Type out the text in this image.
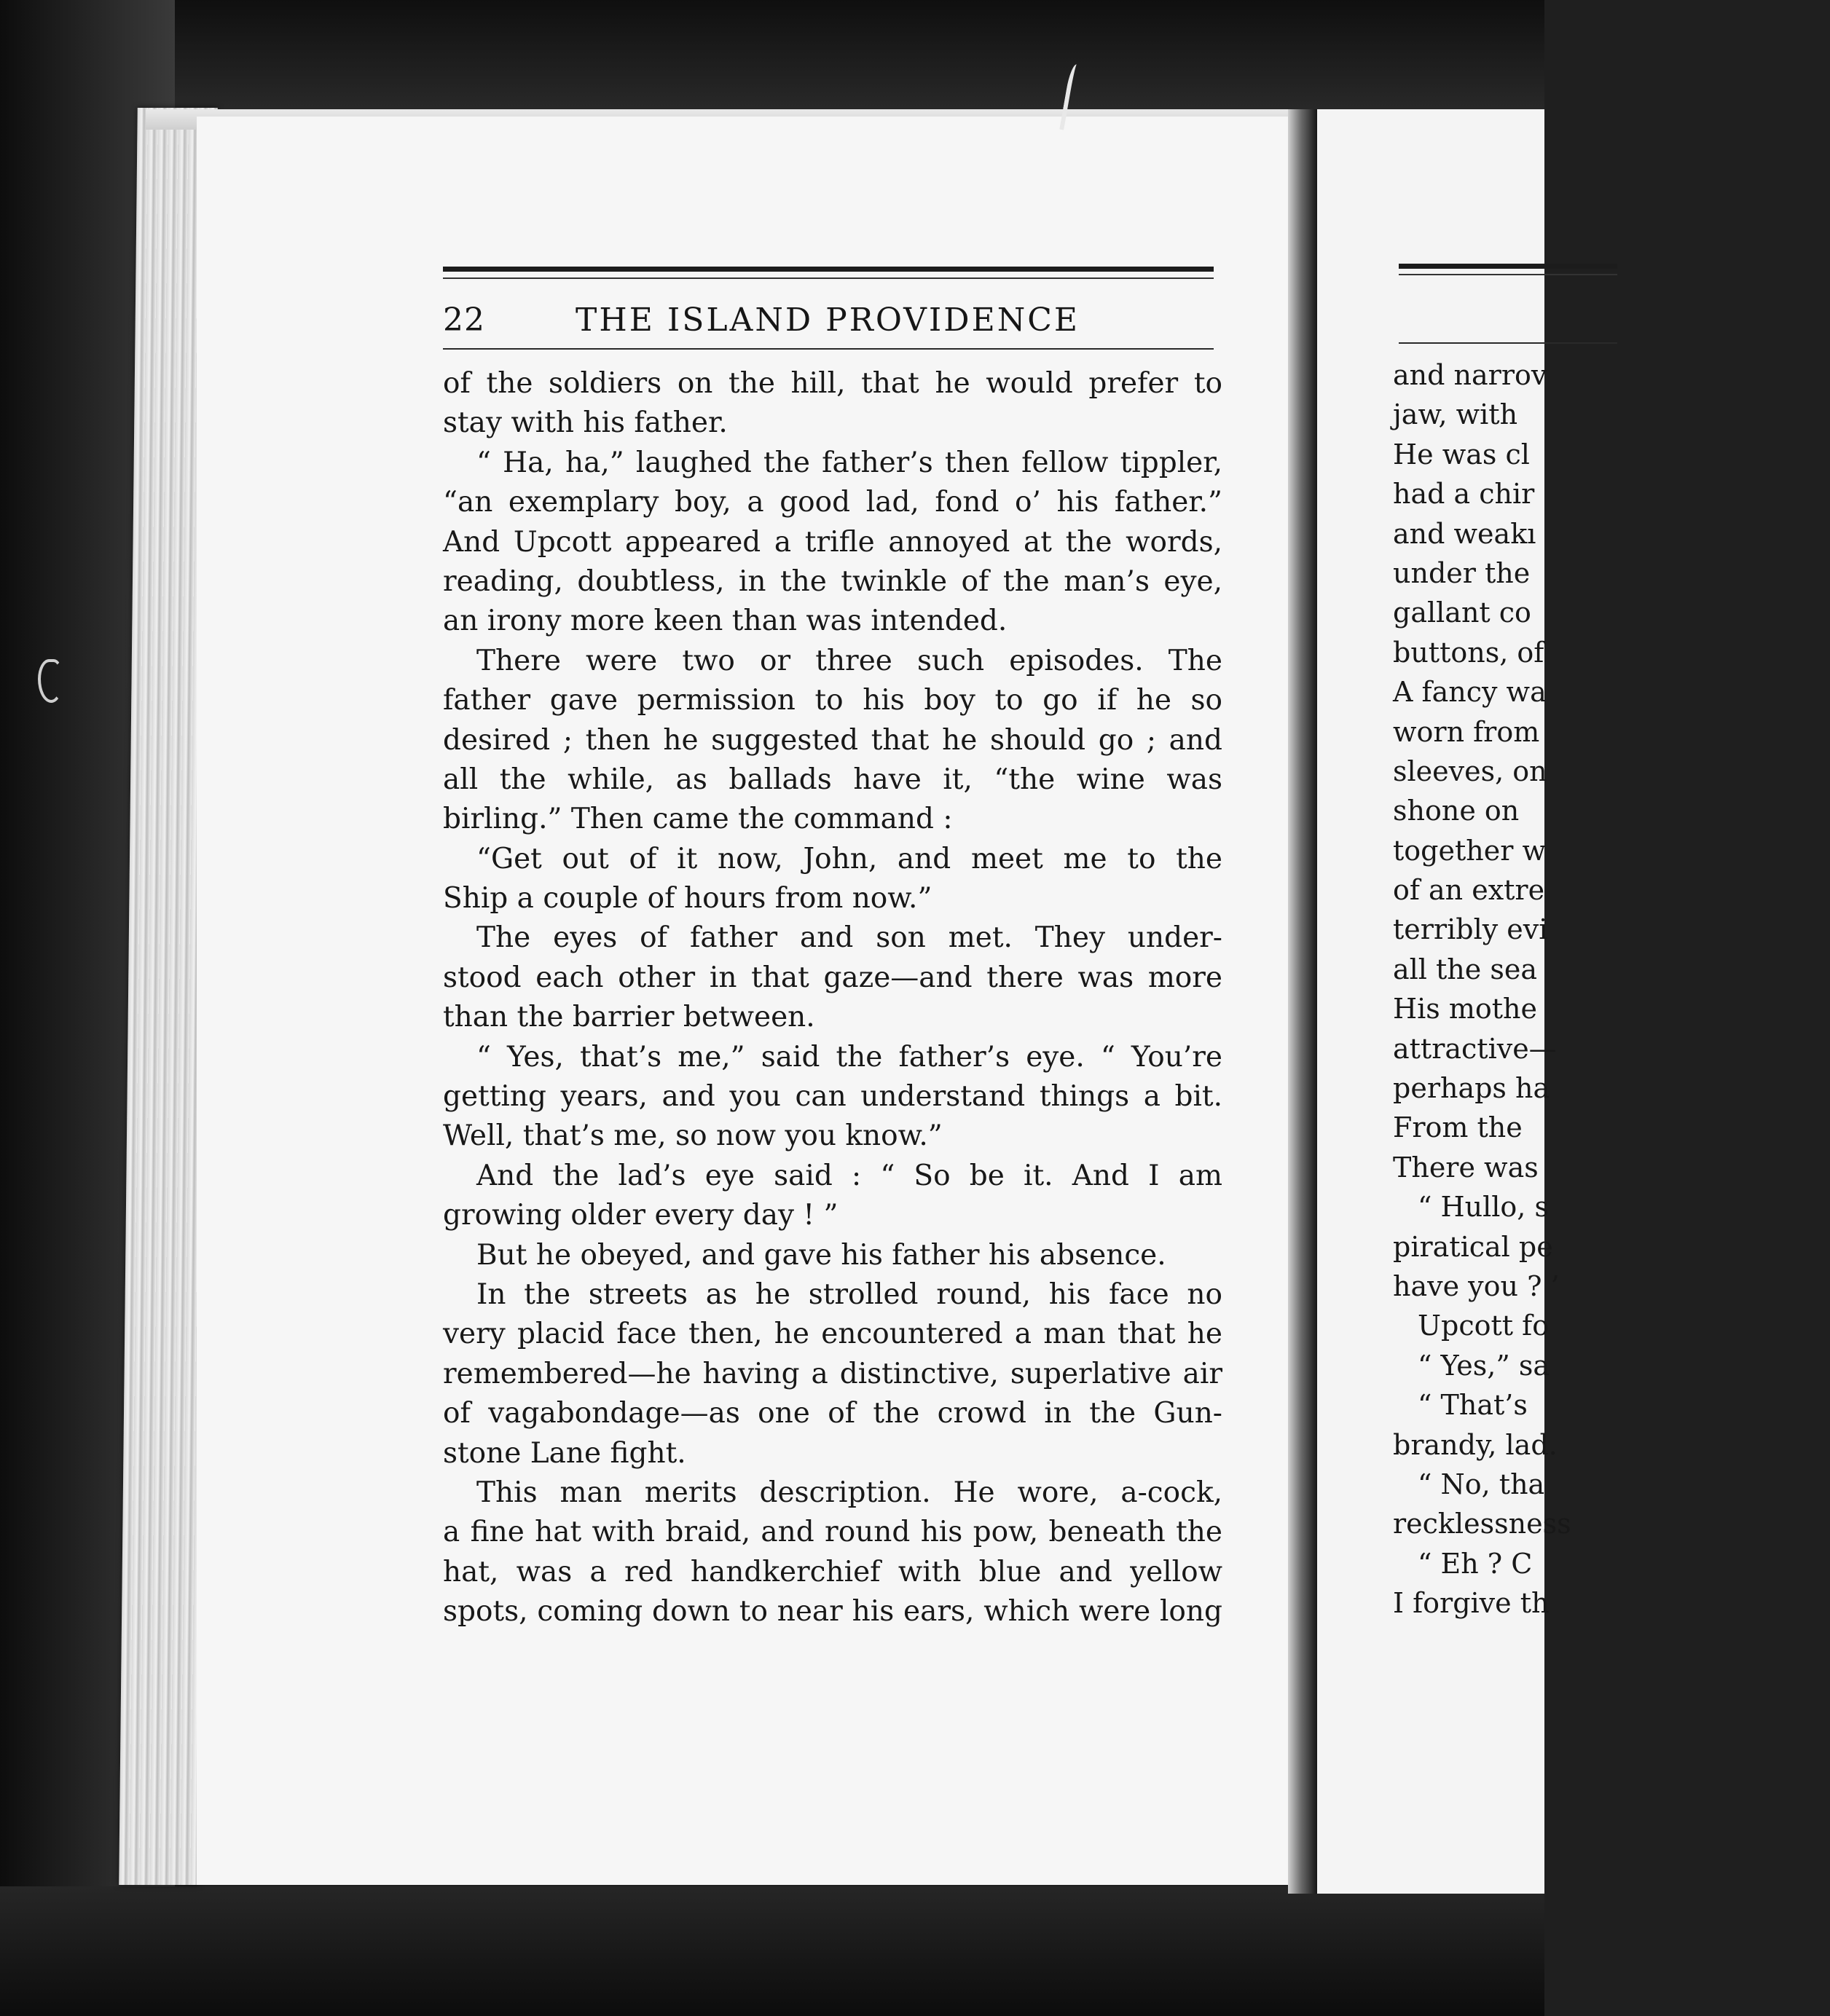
and narrov
jaw, with
He was cl
had a chir
and weakı
under the
gallant co
buttons, of
A fancy wa
worn from
sleeves, on
shone on
together w
of an extre
terribly evi
all the sea
His mothe
attractive—
perhaps ha
From the
There was
“ Hullo, s
piratical pe
have you ? ’
Upcott fo
“ Yes,” sa
“ That’s
brandy, lad.
“ No, tha
recklessness
“ Eh ? C
I forgive th
22	THE ISLAND PROVIDENCE
of the soldiers on the hill, that he would prefer to
stay with his father.
“ Ha, ha,” laughed the father’s then fellow tippler,
“an exemplary boy, a good lad, fond o’ his father.”
And Upcott appeared a trifle annoyed at the words,
reading, doubtless, in the twinkle of the man’s eye,
an irony more keen than was intended.
There were two or three such episodes. The
father gave permission to his boy to go if he so
desired ; then he suggested that he should go ; and
all the while, as ballads have it, “the wine was
birling.” Then came the command :
“Get out of it now, John, and meet me to the
Ship a couple of hours from now.”
The eyes of father and son met. They under-
stood each other in that gaze—and there was more
than the barrier between.
“ Yes, that’s me,” said the father’s eye. “ You’re
getting years, and you can understand things a bit.
Well, that’s me, so now you know.”
And the lad’s eye said : “ So be it. And I am
growing older every day ! ”
But he obeyed, and gave his father his absence.
In the streets as he strolled round, his face no
very placid face then, he encountered a man that he
remembered—he having a distinctive, superlative air
of vagabondage—as one of the crowd in the Gun-
stone Lane fight.
This man merits description. He wore, a-cock,
a fine hat with braid, and round his pow, beneath the
hat, was a red handkerchief with blue and yellow
spots, coming down to near his ears, which were long
